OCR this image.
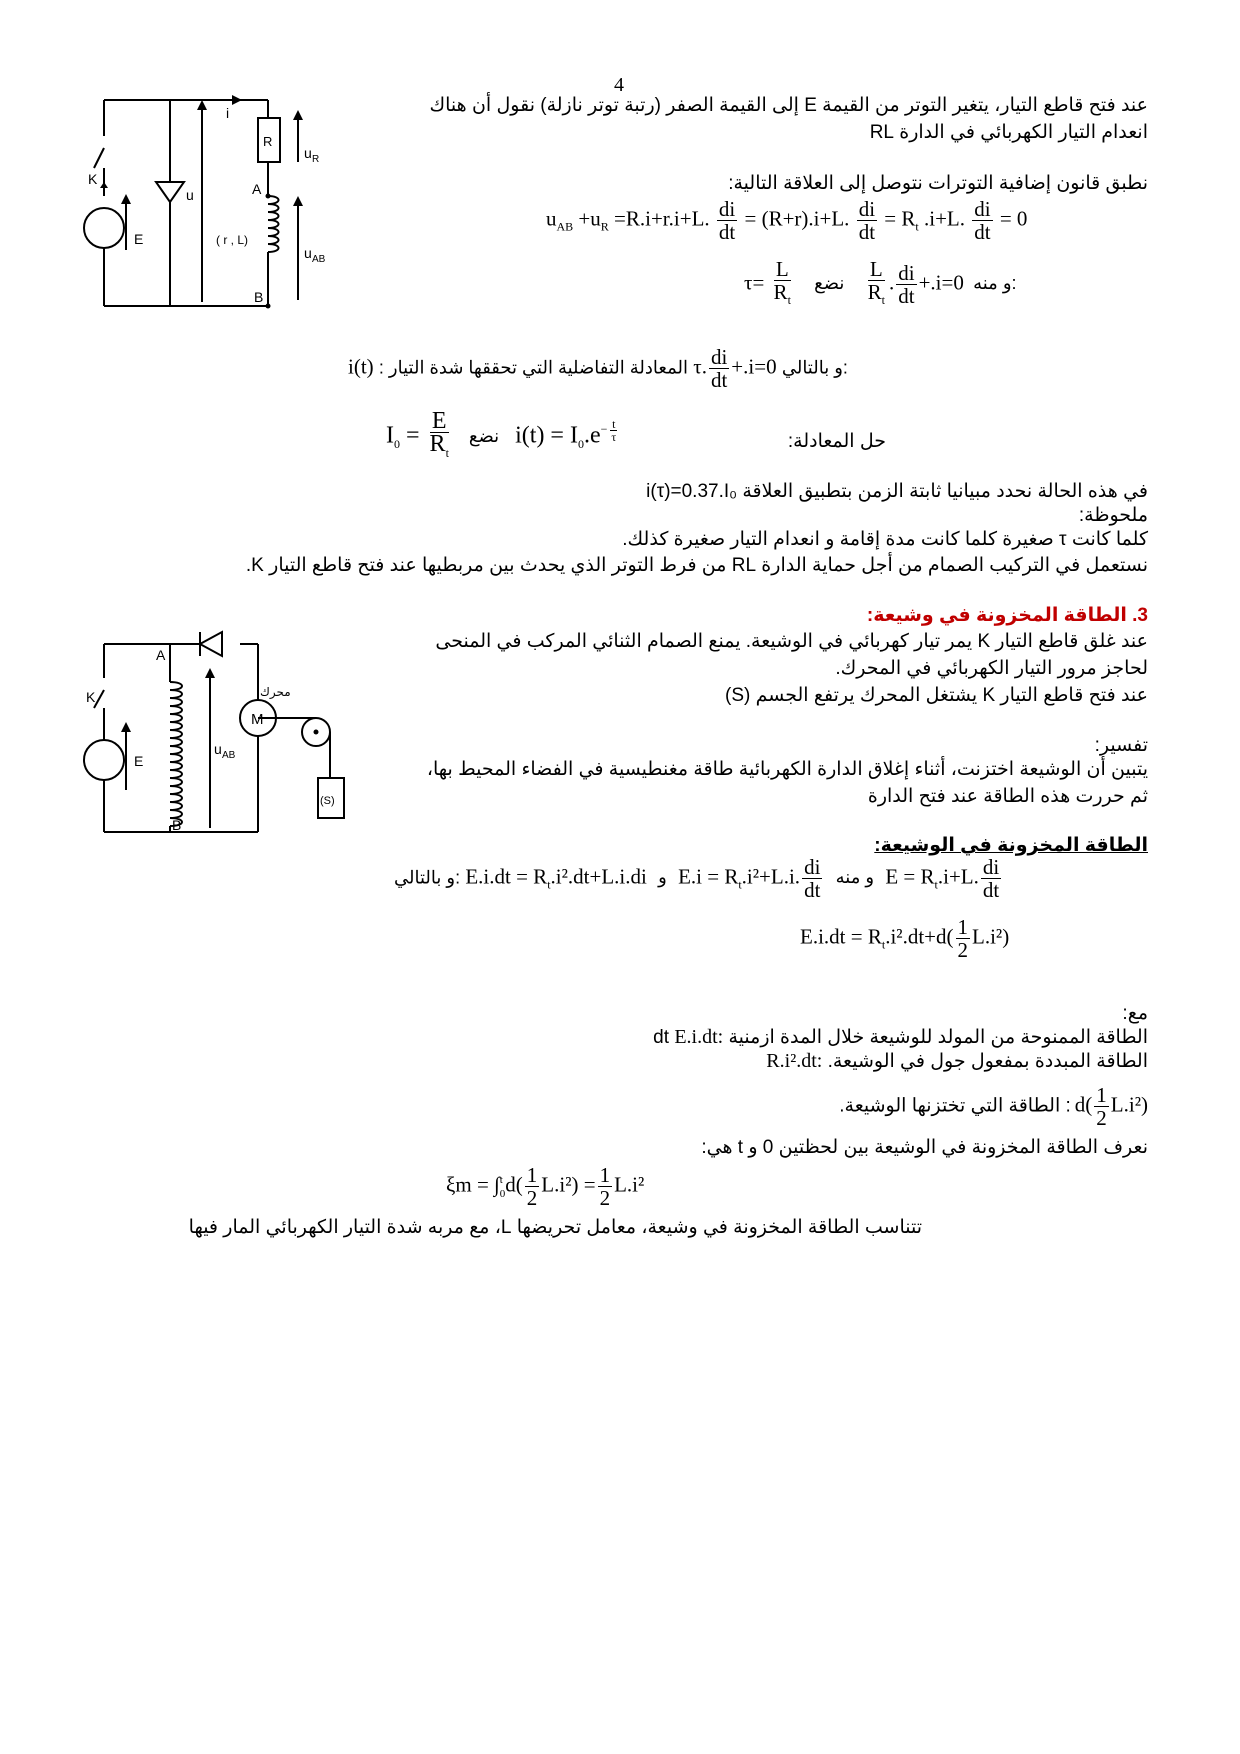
4
K
E
u
i
R
u R
A
( r , L)
u AB
B
عند فتح قاطع التيار، يتغير التوتر من القيمة E إلى القيمة الصفر (رتبة توتر نازلة) نقول أن هناك
انعدام التيار الكهربائي في الدارة RL
نطبق قانون إضافية التوترات نتوصل إلى العلاقة التالية:
$u_{AB} +u_R =R.i+r.i+L$. $\frac{di}{dt} = (R+r).i+L$. $\frac{di}{dt} = R_t$ .i+L. $\frac{di}{dt} = 0$
$\tau= \frac{L}{R_t}$ نضع $\frac{L}{R_t}$ . $\frac{di}{dt} +.i=0$ و منه:
i(t) : المعادلة التفاضلية التي تحققها شدة التيار τ. $\frac{di}{dt} +.i=0$ و بالتالي:
$I_0 = \frac{E}{R_t}$ نضع $i(t) = I_0.e^{- \frac{t}{\tau}}$	حل المعادلة:
في هذه الحالة نحدد مبيانيا ثابتة الزمن بتطبيق العلاقة i(τ)=0.37.I₀
ملحوظة:
كلما كانت τ صغيرة كلما كانت مدة إقامة و انعدام التيار صغيرة كذلك.
نستعمل في التركيب الصمام من أجل حماية الدارة RL من فرط التوتر الذي يحدث بين مربطيها عند فتح قاطع التيار K.
3. الطاقة المخزونة في وشيعة:
عند غلق قاطع التيار K يمر تيار كهربائي في الوشيعة. يمنع الصمام الثنائي المركب في المنحى
لحاجز مرور التيار الكهربائي في المحرك.
عند فتح قاطع التيار K يشتغل المحرك يرتفع الجسم (S)
K
E
A
B
u AB
M
محرك
(S)
تفسير:
يتبين أن الوشيعة اختزنت، أثناء إغلاق الدارة الكهربائية طاقة مغنطيسية في الفضاء المحيط بها،
ثم حررت هذه الطاقة عند فتح الدارة
الطاقة المخزونة في الوشيعة:
و بالتالي: $E.i.dt = R_t.i^2.dt+L.i.di$ و $E.i = R_t.i^2+L.i$. $\frac{di}{dt}$ و منه $E = R_t.i+L$. $\frac{di}{dt}$
$E.i.dt = R_t.i^2.dt+d( \frac{1}{2} L.i^2)$
مع:
الطاقة الممنوحة من المولد للوشيعة خلال المدة ازمنية dt E.i.dt:
الطاقة المبددة بمفعول جول في الوشيعة. R.i².dt:
$d( \frac{1}{2} L.i^2)$ : الطاقة التي تختزنها الوشيعة.
نعرف الطاقة المخزونة في الوشيعة بين لحظتين 0 و t هي:
ξm = ∫ t
0 $d( \frac{1}{2} L.i^2) = \frac{1}{2} L.i^2$
تتناسب الطاقة المخزونة في وشيعة، معامل تحريضها L، مع مربه شدة التيار الكهربائي المار فيها
